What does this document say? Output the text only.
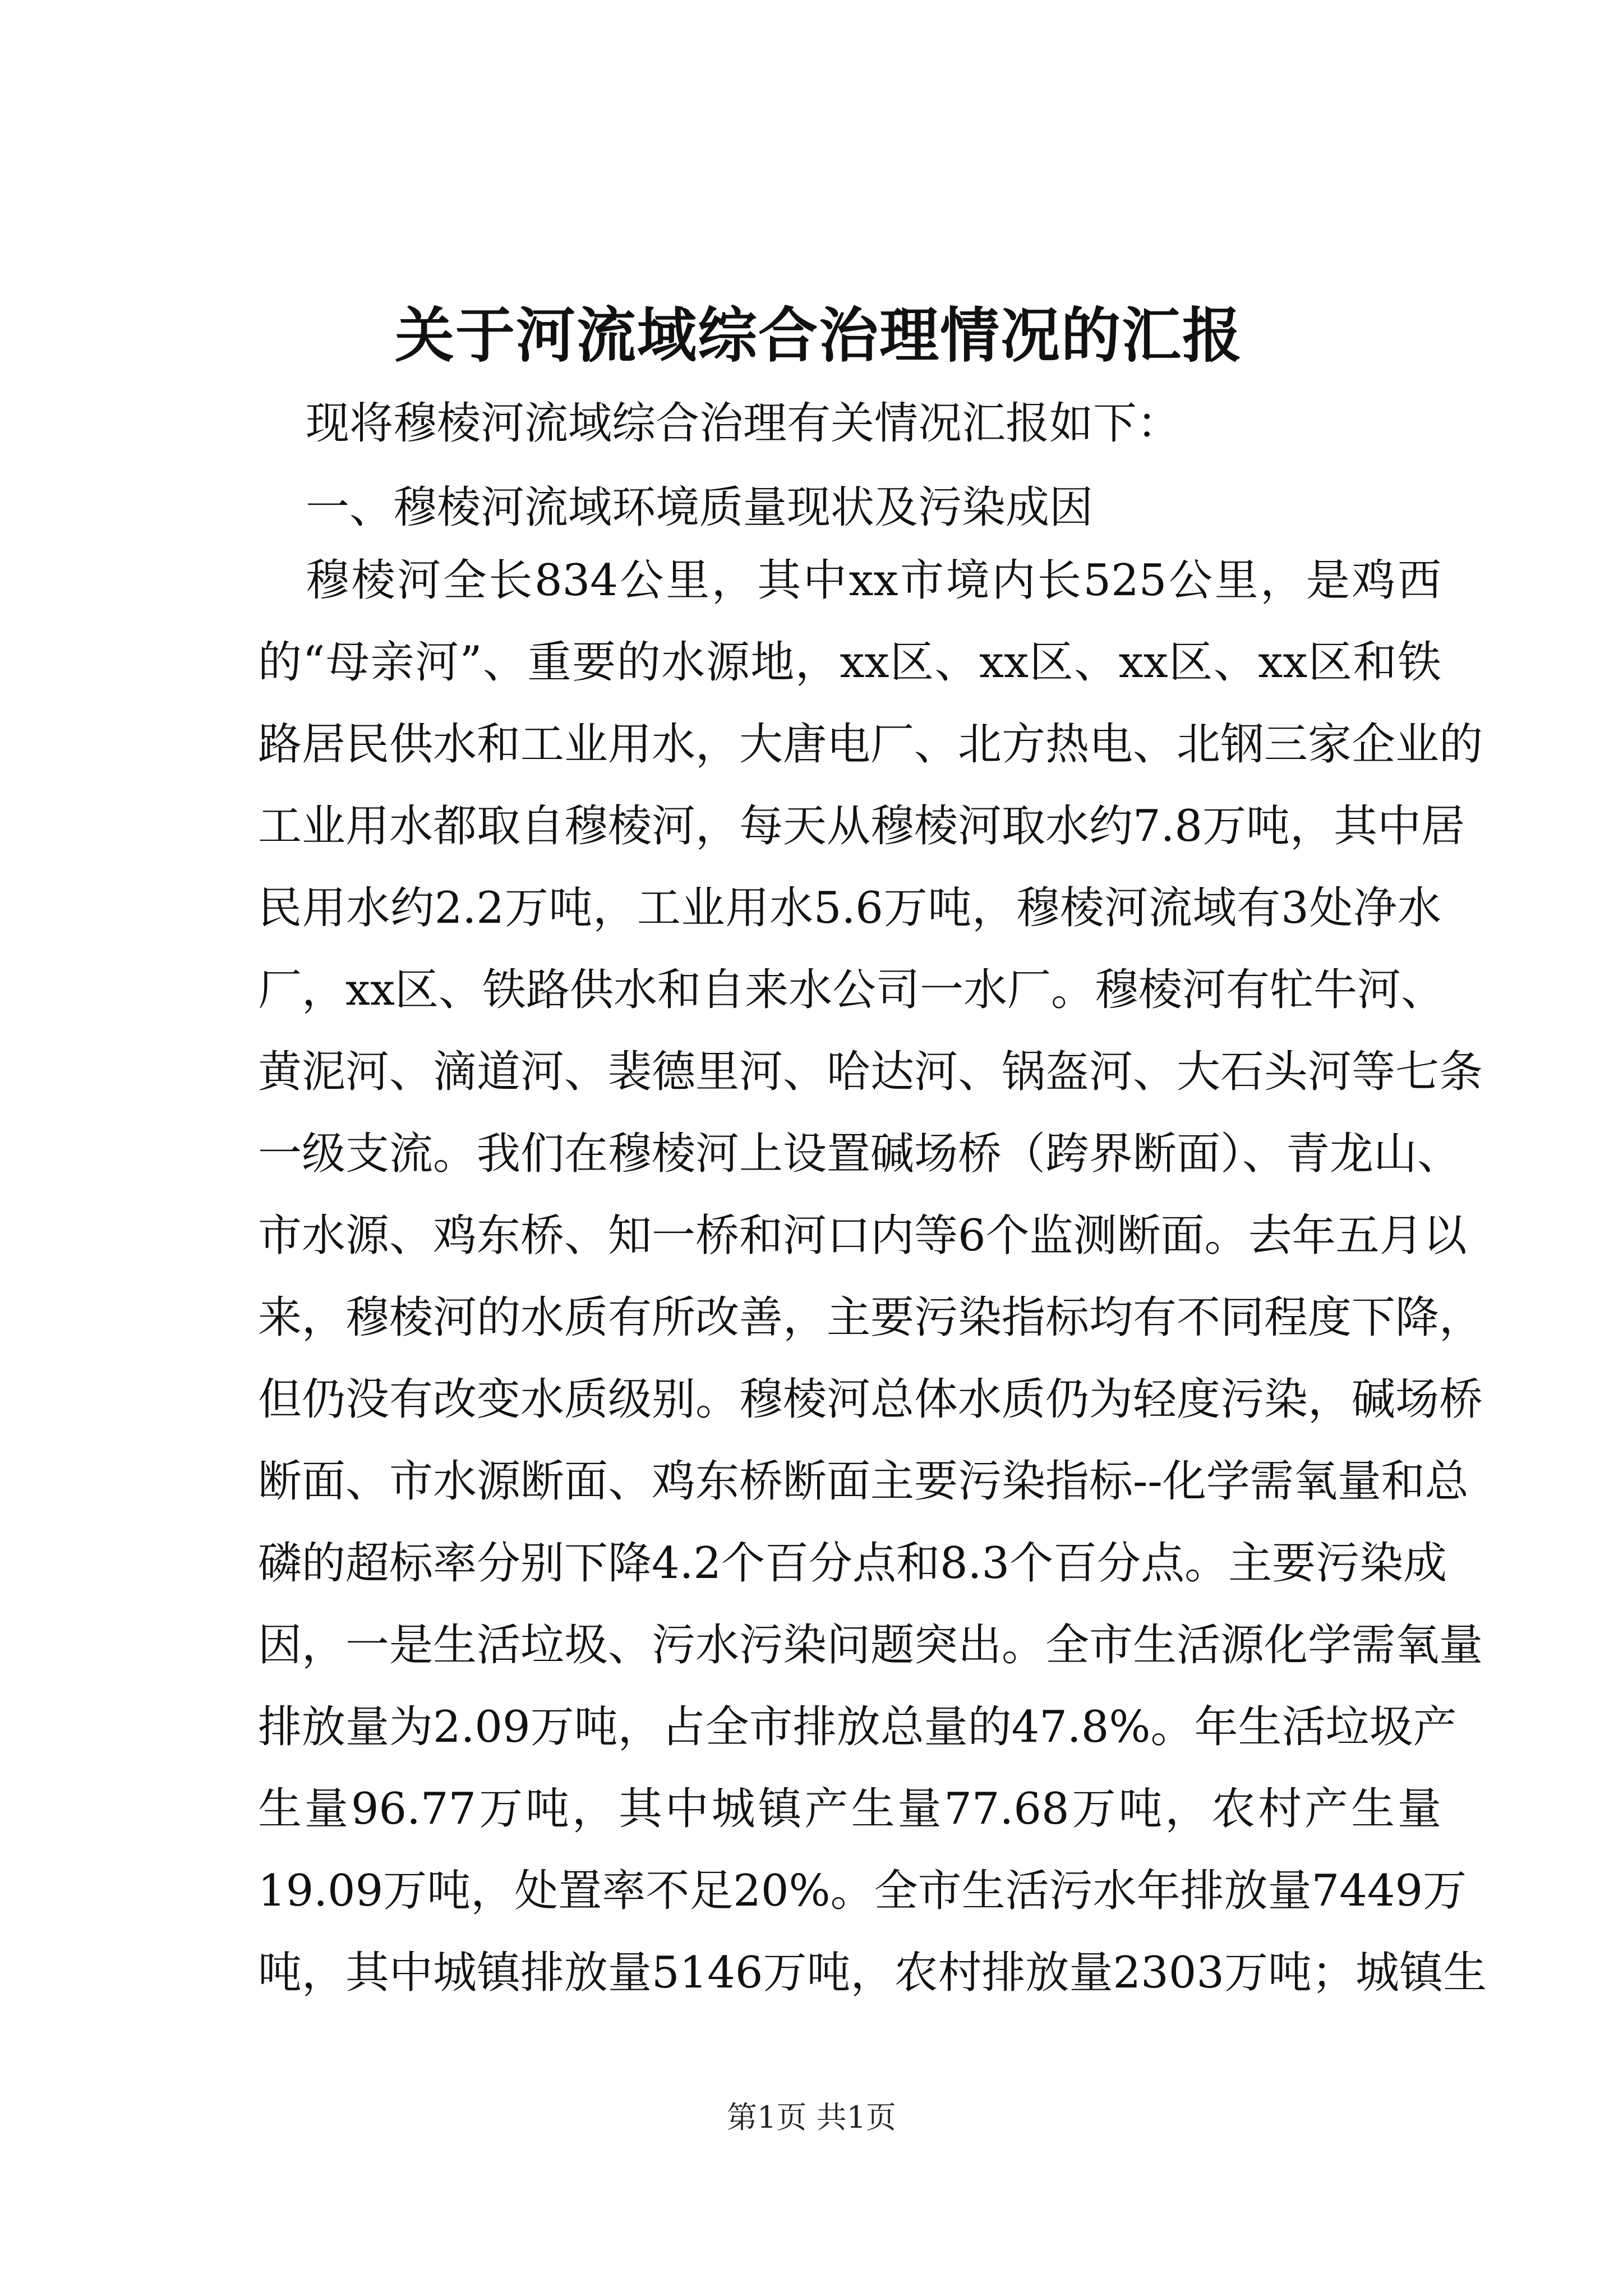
关于河流域综合治理情况的汇报

现将穆棱河流域综合治理有关情况汇报如下：

一、穆棱河流域环境质量现状及污染成因

穆棱河全长834公里，其中xx市境内长525公里，是鸡西

的“母亲河”、重要的水源地，xx区、xx区、xx区、xx区和铁

路居民供水和工业用水，大唐电厂、北方热电、北钢三家企业的

工业用水都取自穆棱河，每天从穆棱河取水约7.8万吨，其中居

民用水约2.2万吨，工业用水5.6万吨，穆棱河流域有3处净水

厂，xx区、铁路供水和自来水公司一水厂。穆棱河有牤牛河、

黄泥河、滴道河、裴德里河、哈达河、锅盔河、大石头河等七条

一级支流。我们在穆棱河上设置碱场桥（跨界断面）、青龙山、

市水源、鸡东桥、知一桥和河口内等6个监测断面。去年五月以

来，穆棱河的水质有所改善，主要污染指标均有不同程度下降，

但仍没有改变水质级别。穆棱河总体水质仍为轻度污染，碱场桥

断面、市水源断面、鸡东桥断面主要污染指标--化学需氧量和总

磷的超标率分别下降4.2个百分点和8.3个百分点。主要污染成

因，一是生活垃圾、污水污染问题突出。全市生活源化学需氧量

排放量为2.09万吨，占全市排放总量的47.8%。年生活垃圾产

生量96.77万吨，其中城镇产生量77.68万吨，农村产生量

19.09万吨，处置率不足20%。全市生活污水年排放量7449万

吨，其中城镇排放量5146万吨，农村排放量2303万吨；城镇生

第1页 共1页
